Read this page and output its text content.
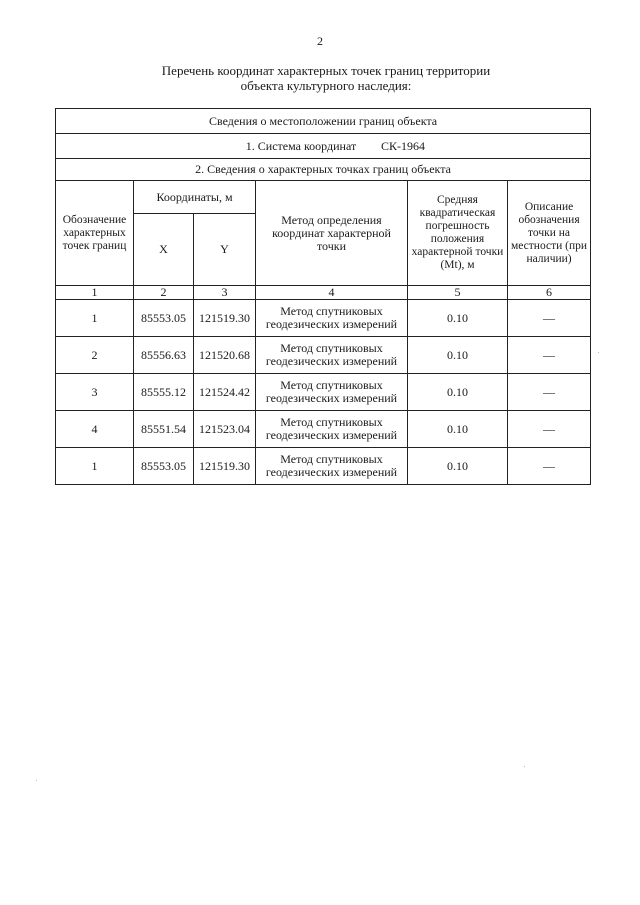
2
Перечень координат характерных точек границ территории
объекта культурного наследия:
Сведения о местоположении границ объекта					
1. Система координат СК-1964					
2. Сведения о характерных точках границ объекта					
Обозначение характерных точек границ	Координаты, м		Метод определения координат характерной точки	Средняя квадратическая погрешность положения характерной точки (Mt), м	Описание обозначения точки на местности (при наличии)
	X	Y			
1	2	3	4	5	6
1	85553.05	121519.30	Метод спутниковых геодезических измерений	0.10	—
2	85556.63	121520.68	Метод спутниковых геодезических измерений	0.10	—
3	85555.12	121524.42	Метод спутниковых геодезических измерений	0.10	—
4	85551.54	121523.04	Метод спутниковых геодезических измерений	0.10	—
1	85553.05	121519.30	Метод спутниковых геодезических измерений	0.10	—
